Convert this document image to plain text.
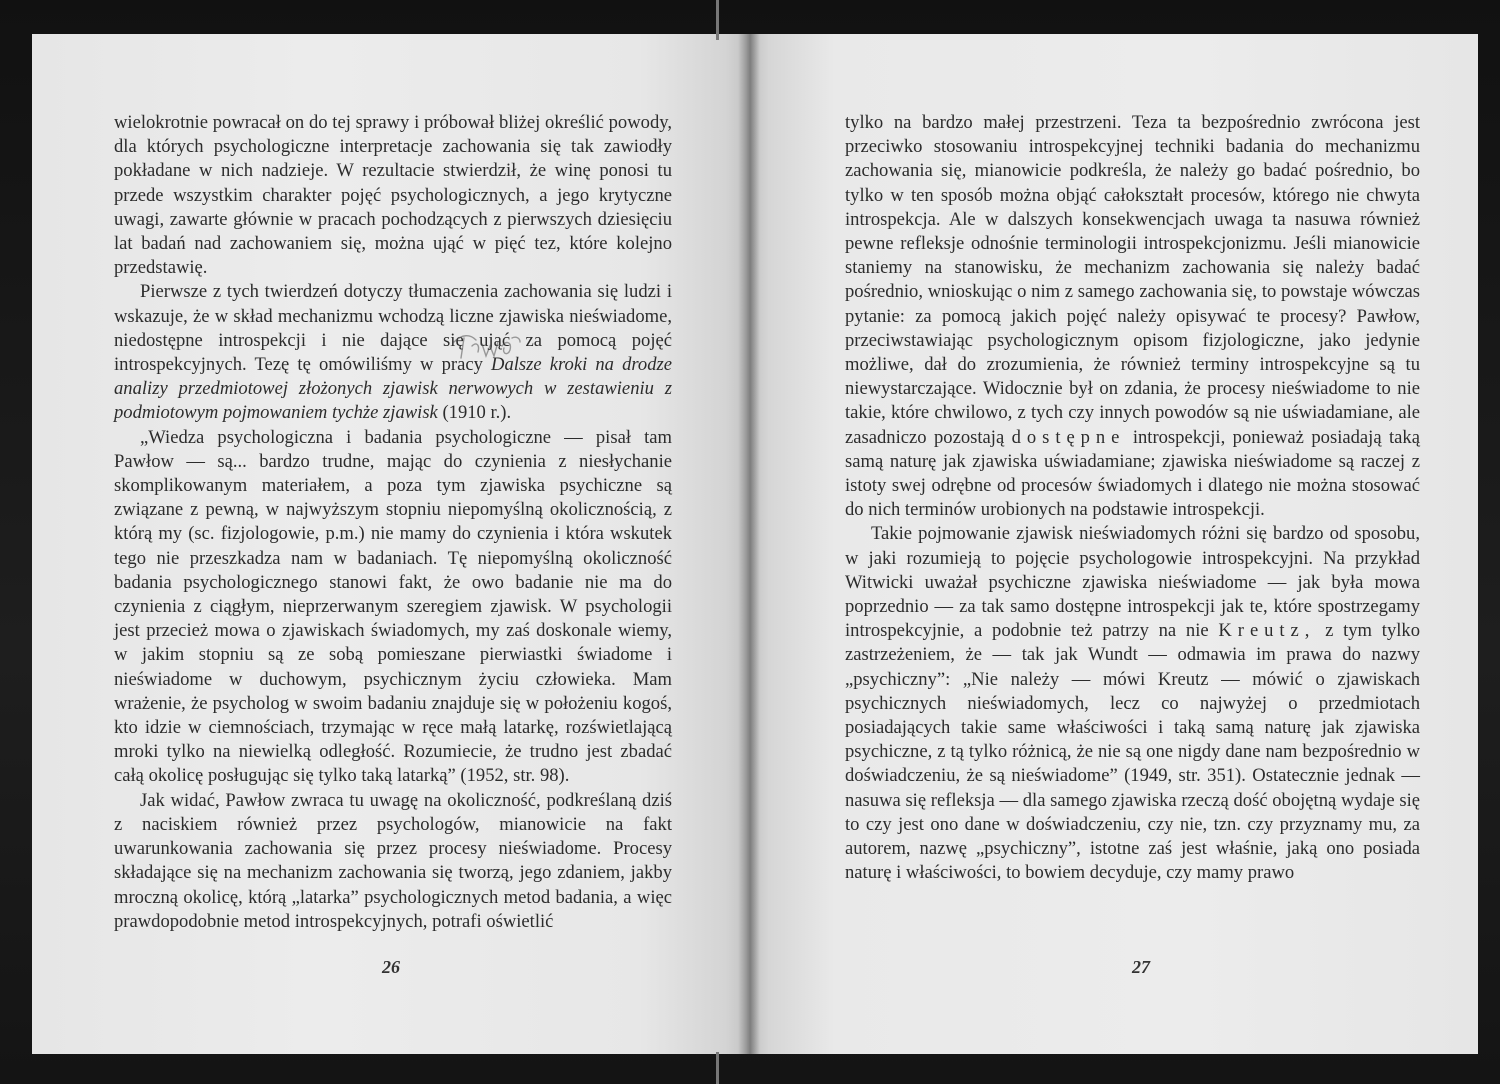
wielokrotnie powracał on do tej sprawy i próbował bliżej określić powody, dla których psychologiczne interpretacje zachowania się tak zawiodły pokładane w nich nadzieje. W rezultacie stwierdził, że winę ponosi tu przede wszystkim charakter pojęć psychologicznych, a jego krytyczne uwagi, zawarte głównie w pracach pochodzących z pierwszych dziesięciu lat badań nad zachowaniem się, można ująć w pięć tez, które kolejno przedstawię.

Pierwsze z tych twierdzeń dotyczy tłumaczenia zachowania się ludzi i wskazuje, że w skład mechanizmu wchodzą liczne zjawiska nieświadome, niedostępne introspekcji i nie dające się ująć za pomocą pojęć introspekcyjnych. Tezę tę omówiliśmy w pracy Dalsze kroki na drodze analizy przedmiotowej złożonych zjawisk nerwowych w zestawieniu z podmiotowym pojmowaniem tychże zjawisk (1910 r.).

„Wiedza psychologiczna i badania psychologiczne — pisał tam Pawłow — są... bardzo trudne, mając do czynienia z niesłychanie skomplikowanym materiałem, a poza tym zjawiska psychiczne są związane z pewną, w najwyższym stopniu niepomyślną okolicznością, z którą my (sc. fizjologowie, p.m.) nie mamy do czynienia i która wskutek tego nie przeszkadza nam w badaniach. Tę niepomyślną okoliczność badania psychologicznego stanowi fakt, że owo badanie nie ma do czynienia z ciągłym, nieprzerwanym szeregiem zjawisk. W psychologii jest przecież mowa o zjawiskach świadomych, my zaś doskonale wiemy, w jakim stopniu są ze sobą pomieszane pierwiastki świadome i nieświadome w duchowym, psychicznym życiu człowieka. Mam wrażenie, że psycholog w swoim badaniu znajduje się w położeniu kogoś, kto idzie w ciemnościach, trzymając w ręce małą latarkę, rozświetlającą mroki tylko na niewielką odległość. Rozumiecie, że trudno jest zbadać całą okolicę posługując się tylko taką latarką” (1952, str. 98).

Jak widać, Pawłow zwraca tu uwagę na okoliczność, podkreślaną dziś z naciskiem również przez psychologów, mianowicie na fakt uwarunkowania zachowania się przez procesy nieświadome. Procesy składające się na mechanizm zachowania się tworzą, jego zdaniem, jakby mroczną okolicę, którą „latarka” psychologicznych metod badania, a więc prawdopodobnie metod introspekcyjnych, potrafi oświetlić

26

tylko na bardzo małej przestrzeni. Teza ta bezpośrednio zwrócona jest przeciwko stosowaniu introspekcyjnej techniki badania do mechanizmu zachowania się, mianowicie podkreśla, że należy go badać pośrednio, bo tylko w ten sposób można objąć całokształt procesów, którego nie chwyta introspekcja. Ale w dalszych konsekwencjach uwaga ta nasuwa również pewne refleksje odnośnie terminologii introspekcjonizmu. Jeśli mianowicie staniemy na stanowisku, że mechanizm zachowania się należy badać pośrednio, wnioskując o nim z samego zachowania się, to powstaje wówczas pytanie: za pomocą jakich pojęć należy opisywać te procesy? Pawłow, przeciwstawiając psychologicznym opisom fizjologiczne, jako jedynie możliwe, dał do zrozumienia, że również terminy introspekcyjne są tu niewystarczające. Widocznie był on zdania, że procesy nieświadome to nie takie, które chwilowo, z tych czy innych powodów są nie uświadamiane, ale zasadniczo pozostają dostępne introspekcji, ponieważ posiadają taką samą naturę jak zjawiska uświadamiane; zjawiska nieświadome są raczej z istoty swej odrębne od procesów świadomych i dlatego nie można stosować do nich terminów urobionych na podstawie introspekcji.

Takie pojmowanie zjawisk nieświadomych różni się bardzo od sposobu, w jaki rozumieją to pojęcie psychologowie introspekcyjni. Na przykład Witwicki uważał psychiczne zjawiska nieświadome — jak była mowa poprzednio — za tak samo dostępne introspekcji jak te, które spostrzegamy introspekcyjnie, a podobnie też patrzy na nie Kreutz, z tym tylko zastrzeżeniem, że — tak jak Wundt — odmawia im prawa do nazwy „psychiczny”: „Nie należy — mówi Kreutz — mówić o zjawiskach psychicznych nieświadomych, lecz co najwyżej o przedmiotach posiadających takie same właściwości i taką samą naturę jak zjawiska psychiczne, z tą tylko różnicą, że nie są one nigdy dane nam bezpośrednio w doświadczeniu, że są nieświadome” (1949, str. 351). Ostatecznie jednak — nasuwa się refleksja — dla samego zjawiska rzeczą dość obojętną wydaje się to czy jest ono dane w doświadczeniu, czy nie, tzn. czy przyznamy mu, za autorem, nazwę „psychiczny”, istotne zaś jest właśnie, jaką ono posiada naturę i właściwości, to bowiem decyduje, czy mamy prawo

27
